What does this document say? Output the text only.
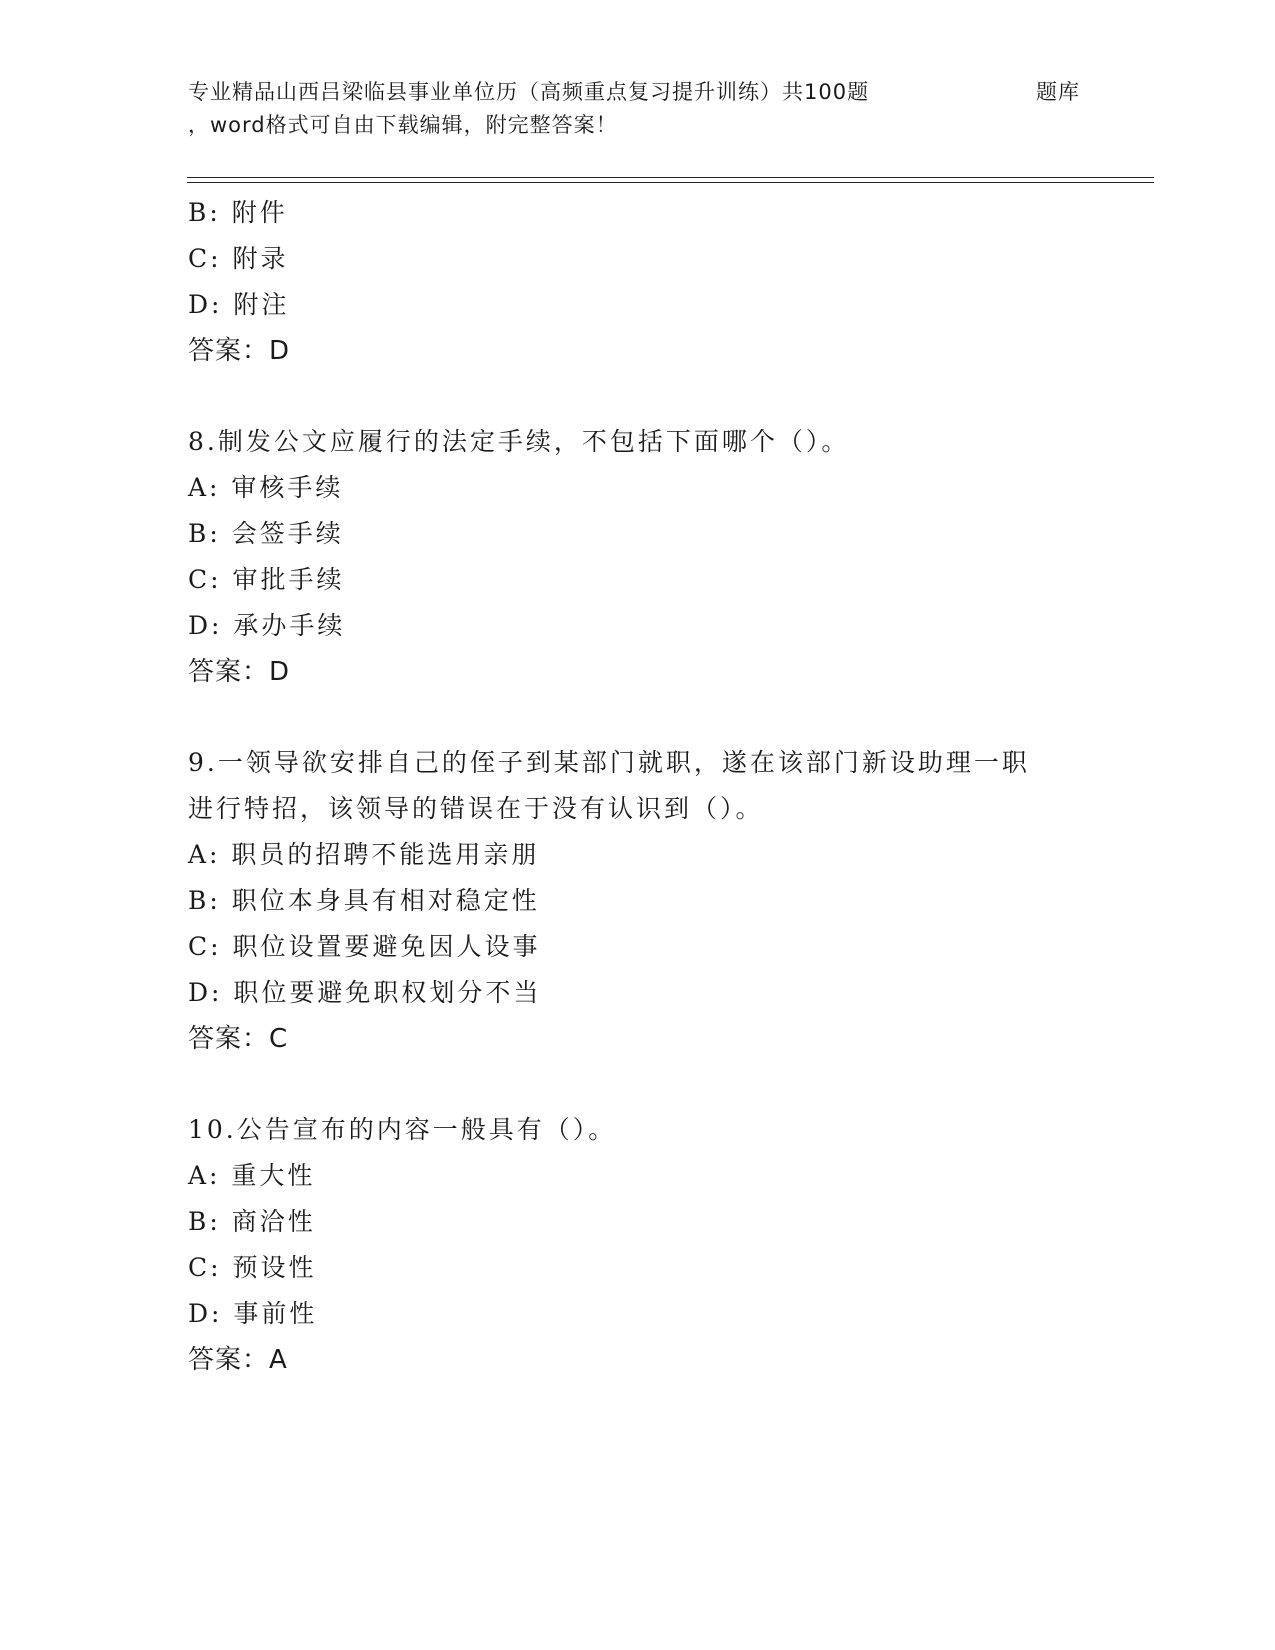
专业精品山西吕梁临县事业单位历（高频重点复习提升训练）共100题	题库
，word格式可自由下载编辑，附完整答案！
B: 附件
C: 附录
D: 附注
答案：D
8.制发公文应履行的法定手续，不包括下面哪个（）。
A: 审核手续
B: 会签手续
C: 审批手续
D: 承办手续
答案：D
9.一领导欲安排自己的侄子到某部门就职，遂在该部门新设助理一职
进行特招，该领导的错误在于没有认识到（）。
A: 职员的招聘不能选用亲朋
B: 职位本身具有相对稳定性
C: 职位设置要避免因人设事
D: 职位要避免职权划分不当
答案：C
10.公告宣布的内容一般具有（）。
A: 重大性
B: 商洽性
C: 预设性
D: 事前性
答案：A
